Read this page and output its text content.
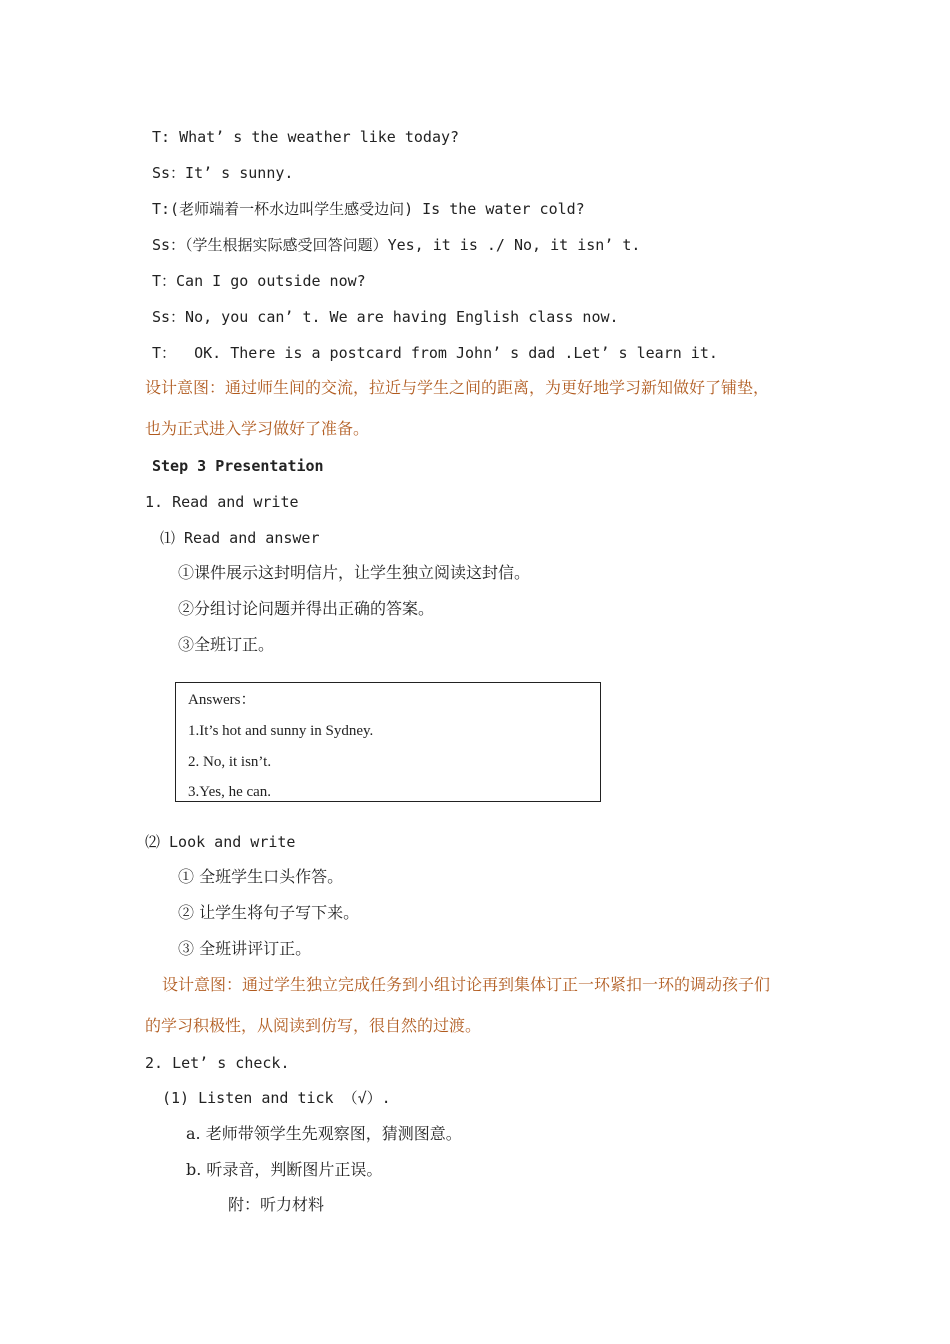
T: What’ s the weather like today?
Ss：It’ s sunny.
T:(老师端着一杯水边叫学生感受边问) Is the water cold?
Ss：（学生根据实际感受回答问题）Yes, it is ./ No, it isn’ t.
T：Can I go outside now?
Ss：No, you can’ t. We are having English class now.
T：  OK. There is a postcard from John’ s dad .Let’ s learn it.
设计意图：通过师生间的交流，拉近与学生之间的距离，为更好地学习新知做好了铺垫，
也为正式进入学习做好了准备。
Step 3 Presentation
1. Read and write
⑴ Read and answer
①课件展示这封明信片，让学生独立阅读这封信。
②分组讨论问题并得出正确的答案。
③全班订正。
Answers：
1.It’s hot and sunny in Sydney.
2. No, it isn’t.
3.Yes, he can.
⑵ Look and write
① 全班学生口头作答。
② 让学生将句子写下来。
③ 全班讲评订正。
设计意图：通过学生独立完成任务到小组讨论再到集体订正一环紧扣一环的调动孩子们
的学习积极性，从阅读到仿写，很自然的过渡。
2. Let’ s check.
(1) Listen and tick （√）.
a. 老师带领学生先观察图，猜测图意。
b. 听录音，判断图片正误。
附：听力材料
